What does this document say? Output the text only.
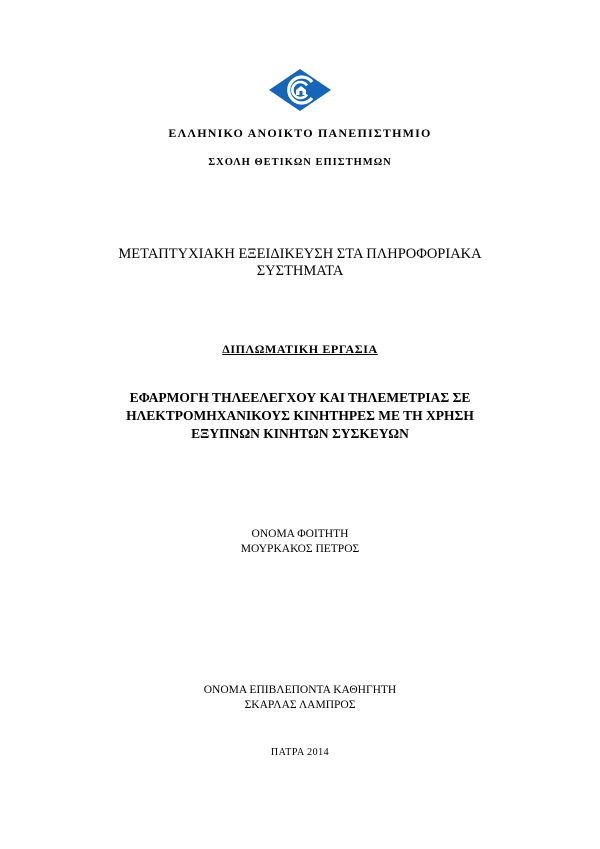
ΕΛΛΗΝΙΚΟ ΑΝΟΙΚΤΟ ΠΑΝΕΠΙΣΤΗΜΙΟ
ΣΧΟΛΗ ΘΕΤΙΚΩΝ ΕΠΙΣΤΗΜΩΝ
ΜΕΤΑΠΤΥΧΙΑΚΗ ΕΞΕΙΔΙΚΕΥΣΗ ΣΤΑ ΠΛΗΡΟΦΟΡΙΑΚΑ
ΣΥΣΤΗΜΑΤΑ
ΔΙΠΛΩΜΑΤΙΚΗ ΕΡΓΑΣΙΑ
ΕΦΑΡΜΟΓΗ ΤΗΛΕΕΛΕΓΧΟΥ ΚΑΙ ΤΗΛΕΜΕΤΡΙΑΣ ΣΕ
ΗΛΕΚΤΡΟΜΗΧΑΝΙΚΟΥΣ ΚΙΝΗΤΗΡΕΣ ΜΕ ΤΗ ΧΡΗΣΗ
ΕΞΥΠΝΩΝ ΚΙΝΗΤΩΝ ΣΥΣΚΕΥΩΝ
ΟΝΟΜΑ ΦΟΙΤΗΤΗ
ΜΟΥΡΚΑΚΟΣ ΠΕΤΡΟΣ
ΟΝΟΜΑ ΕΠΙΒΛΕΠΟΝΤΑ ΚΑΘΗΓΗΤΗ
ΣΚΑΡΛΑΣ ΛΑΜΠΡΟΣ
ΠΑΤΡΑ 2014
